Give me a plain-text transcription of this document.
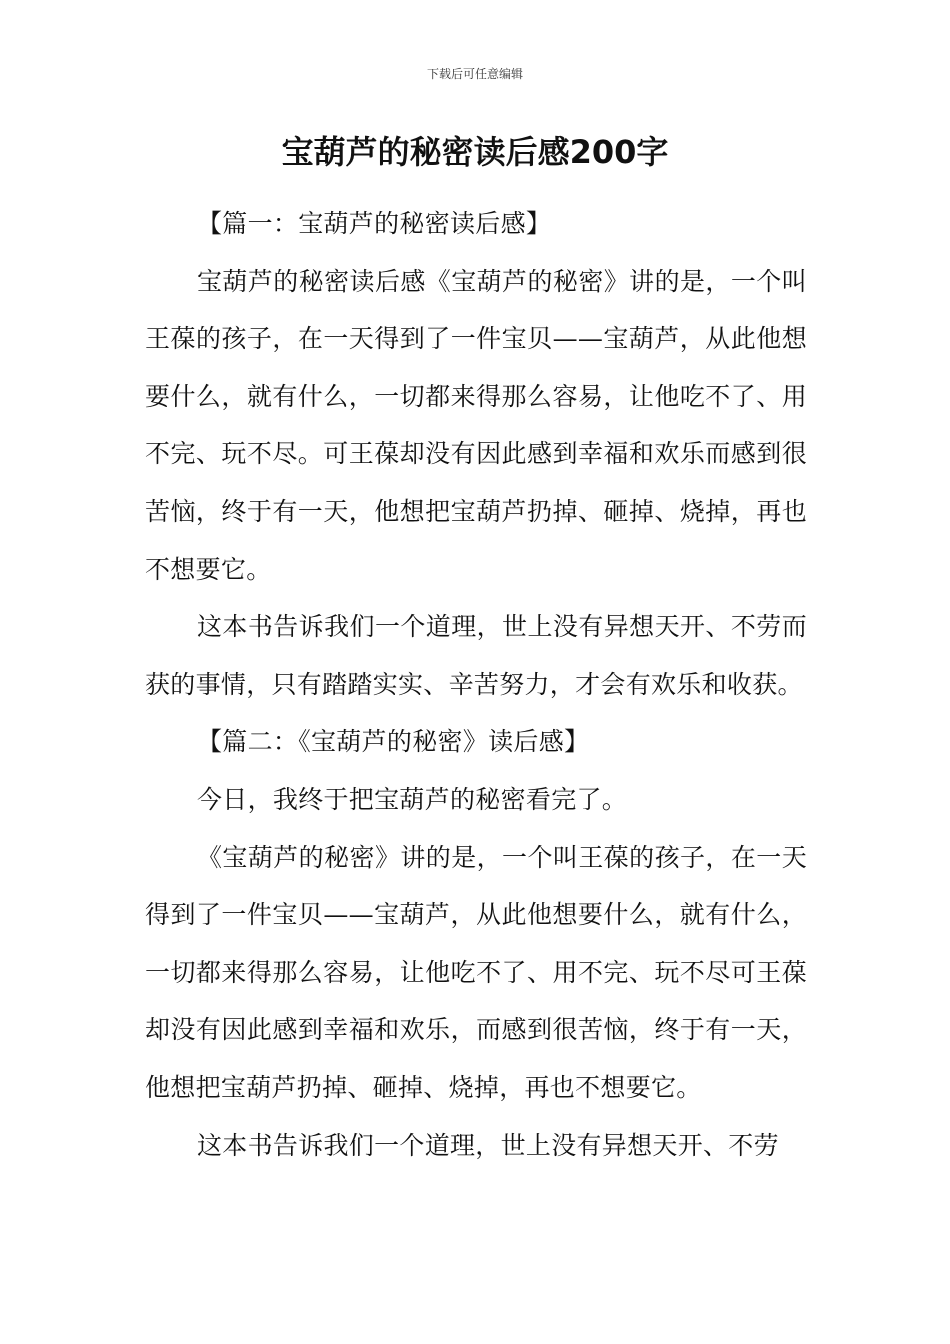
下载后可任意编辑
宝葫芦的秘密读后感200字

【篇一：宝葫芦的秘密读后感】

宝葫芦的秘密读后感《宝葫芦的秘密》讲的是，一个叫王葆的孩子，在一天得到了一件宝贝——宝葫芦，从此他想要什么，就有什么，一切都来得那么容易，让他吃不了、用不完、玩不尽。可王葆却没有因此感到幸福和欢乐而感到很苦恼，终于有一天，他想把宝葫芦扔掉、砸掉、烧掉，再也不想要它。

这本书告诉我们一个道理，世上没有异想天开、不劳而获的事情，只有踏踏实实、辛苦努力，才会有欢乐和收获。

【篇二：《宝葫芦的秘密》读后感】

今日，我终于把宝葫芦的秘密看完了。

《宝葫芦的秘密》讲的是，一个叫王葆的孩子，在一天得到了一件宝贝——宝葫芦，从此他想要什么，就有什么，一切都来得那么容易，让他吃不了、用不完、玩不尽可王葆却没有因此感到幸福和欢乐，而感到很苦恼，终于有一天，他想把宝葫芦扔掉、砸掉、烧掉，再也不想要它。

这本书告诉我们一个道理，世上没有异想天开、不劳
